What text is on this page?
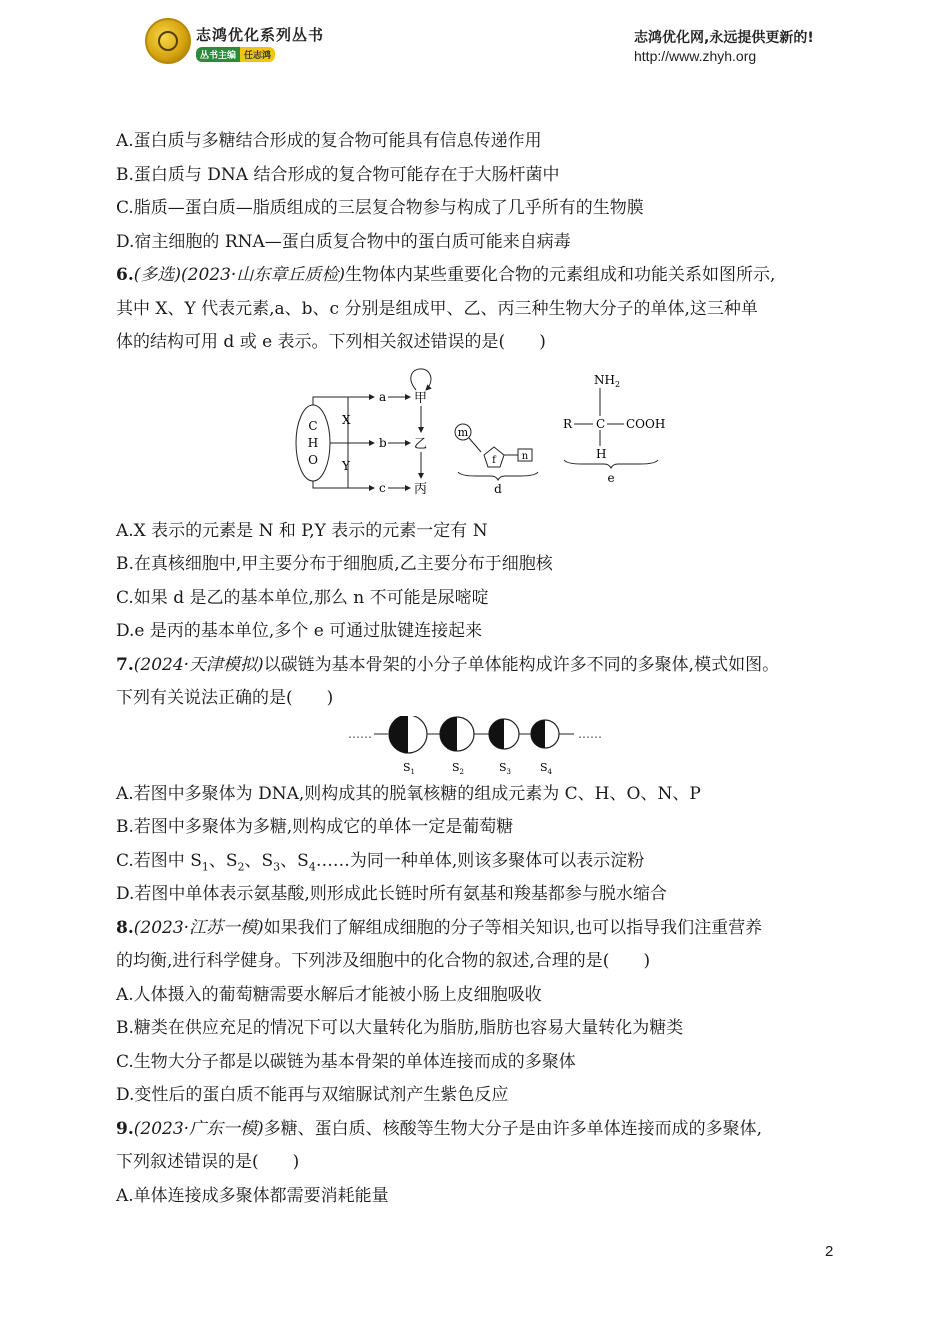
志鸿优化系列丛书
丛书主编 任志鸿
志鸿优化网,永远提供更新的!
http://www.zhyh.org
A.蛋白质与多糖结合形成的复合物可能具有信息传递作用
B.蛋白质与 DNA 结合形成的复合物可能存在于大肠杆菌中
C.脂质—蛋白质—脂质组成的三层复合物参与构成了几乎所有的生物膜
D.宿主细胞的 RNA—蛋白质复合物中的蛋白质可能来自病毒
6.(多选)(2023·山东章丘质检)生物体内某些重要化合物的元素组成和功能关系如图所示,
其中 X、Y 代表元素,a、b、c 分别是组成甲、乙、丙三种生物大分子的单体,这三种单
体的结构可用 d 或 e 表示。下列相关叙述错误的是(　　)
C
H
O
X
Y
a
b
c
甲
乙
丙
m
f	n
d
$NH_2$
R C COOH
H
e
A.X 表示的元素是 N 和 P,Y 表示的元素一定有 N
B.在真核细胞中,甲主要分布于细胞质,乙主要分布于细胞核
C.如果 d 是乙的基本单位,那么 n 不可能是尿嘧啶
D.e 是丙的基本单位,多个 e 可通过肽键连接起来
7.(2024·天津模拟)以碳链为基本骨架的小分子单体能构成许多不同的多聚体,模式如图。
下列有关说法正确的是(　　)
……	……
$S_1$	$S_2$	$S_3$	$S_4$
A.若图中多聚体为 DNA,则构成其的脱氧核糖的组成元素为 C、H、O、N、P
B.若图中多聚体为多糖,则构成它的单体一定是葡萄糖
C.若图中 $S_1$、$S_2$、$S_3$、$S_4\dots\dots$为同一种单体,则该多聚体可以表示淀粉
D.若图中单体表示氨基酸,则形成此长链时所有氨基和羧基都参与脱水缩合
8.(2023·江苏一模)如果我们了解组成细胞的分子等相关知识,也可以指导我们注重营养
的均衡,进行科学健身。下列涉及细胞中的化合物的叙述,合理的是(　　)
A.人体摄入的葡萄糖需要水解后才能被小肠上皮细胞吸收
B.糖类在供应充足的情况下可以大量转化为脂肪,脂肪也容易大量转化为糖类
C.生物大分子都是以碳链为基本骨架的单体连接而成的多聚体
D.变性后的蛋白质不能再与双缩脲试剂产生紫色反应
9.(2023·广东一模)多糖、蛋白质、核酸等生物大分子是由许多单体连接而成的多聚体,
下列叙述错误的是(　　)
A.单体连接成多聚体都需要消耗能量
2
